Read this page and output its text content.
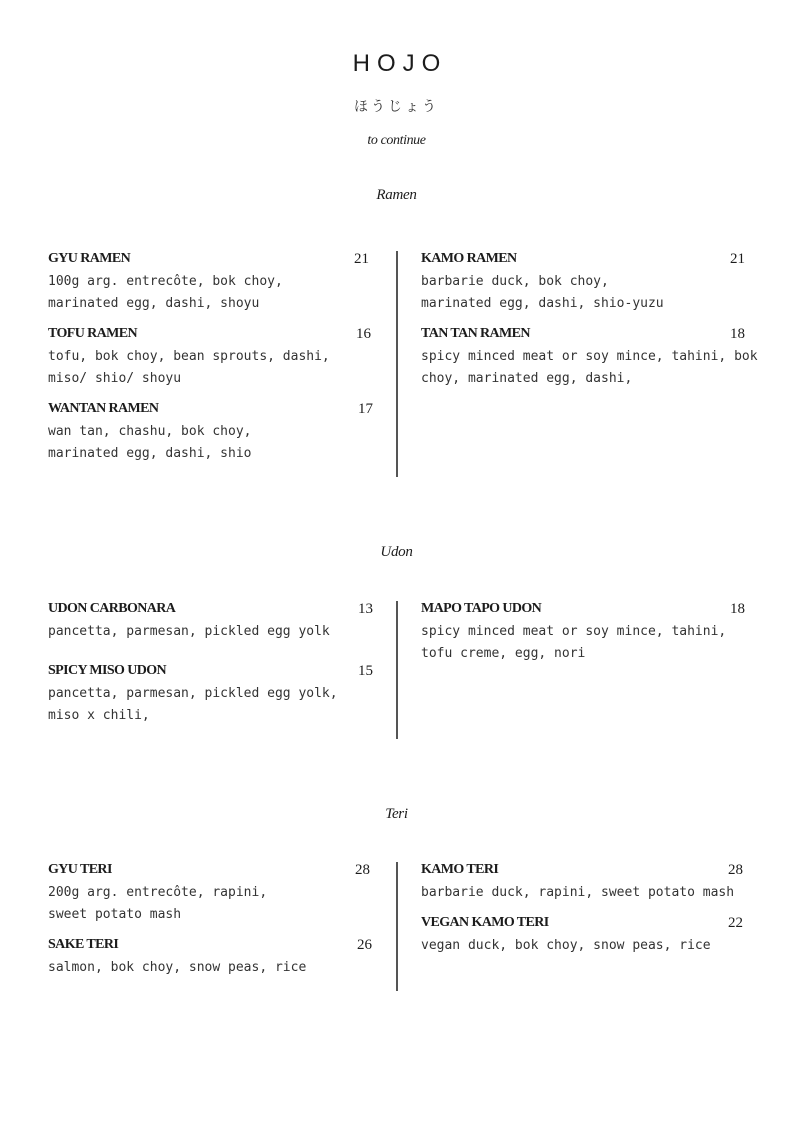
HOJO
ほうじょう
to continue
Ramen
GYU RAMEN	21
100g arg. entrecôte, bok choy,
marinated egg, dashi, shoyu
TOFU RAMEN	16
tofu, bok choy, bean sprouts, dashi,
miso/ shio/ shoyu
WANTAN RAMEN	17
wan tan, chashu, bok choy,
marinated egg, dashi, shio
KAMO RAMEN	21
barbarie duck, bok choy,
marinated egg, dashi, shio-yuzu
TAN TAN RAMEN	18
spicy minced meat or soy mince, tahini, bok
choy, marinated egg, dashi,
Udon
UDON CARBONARA	13
pancetta, parmesan, pickled egg yolk
SPICY MISO UDON	15
pancetta, parmesan, pickled egg yolk,
miso x chili,
MAPO TAPO UDON	18
spicy minced meat or soy mince, tahini,
tofu creme, egg, nori
Teri
GYU TERI	28
200g arg. entrecôte, rapini,
sweet potato mash
SAKE TERI	26
salmon, bok choy, snow peas, rice
KAMO TERI	28
barbarie duck, rapini, sweet potato mash
VEGAN KAMO TERI	22
vegan duck, bok choy, snow peas, rice
